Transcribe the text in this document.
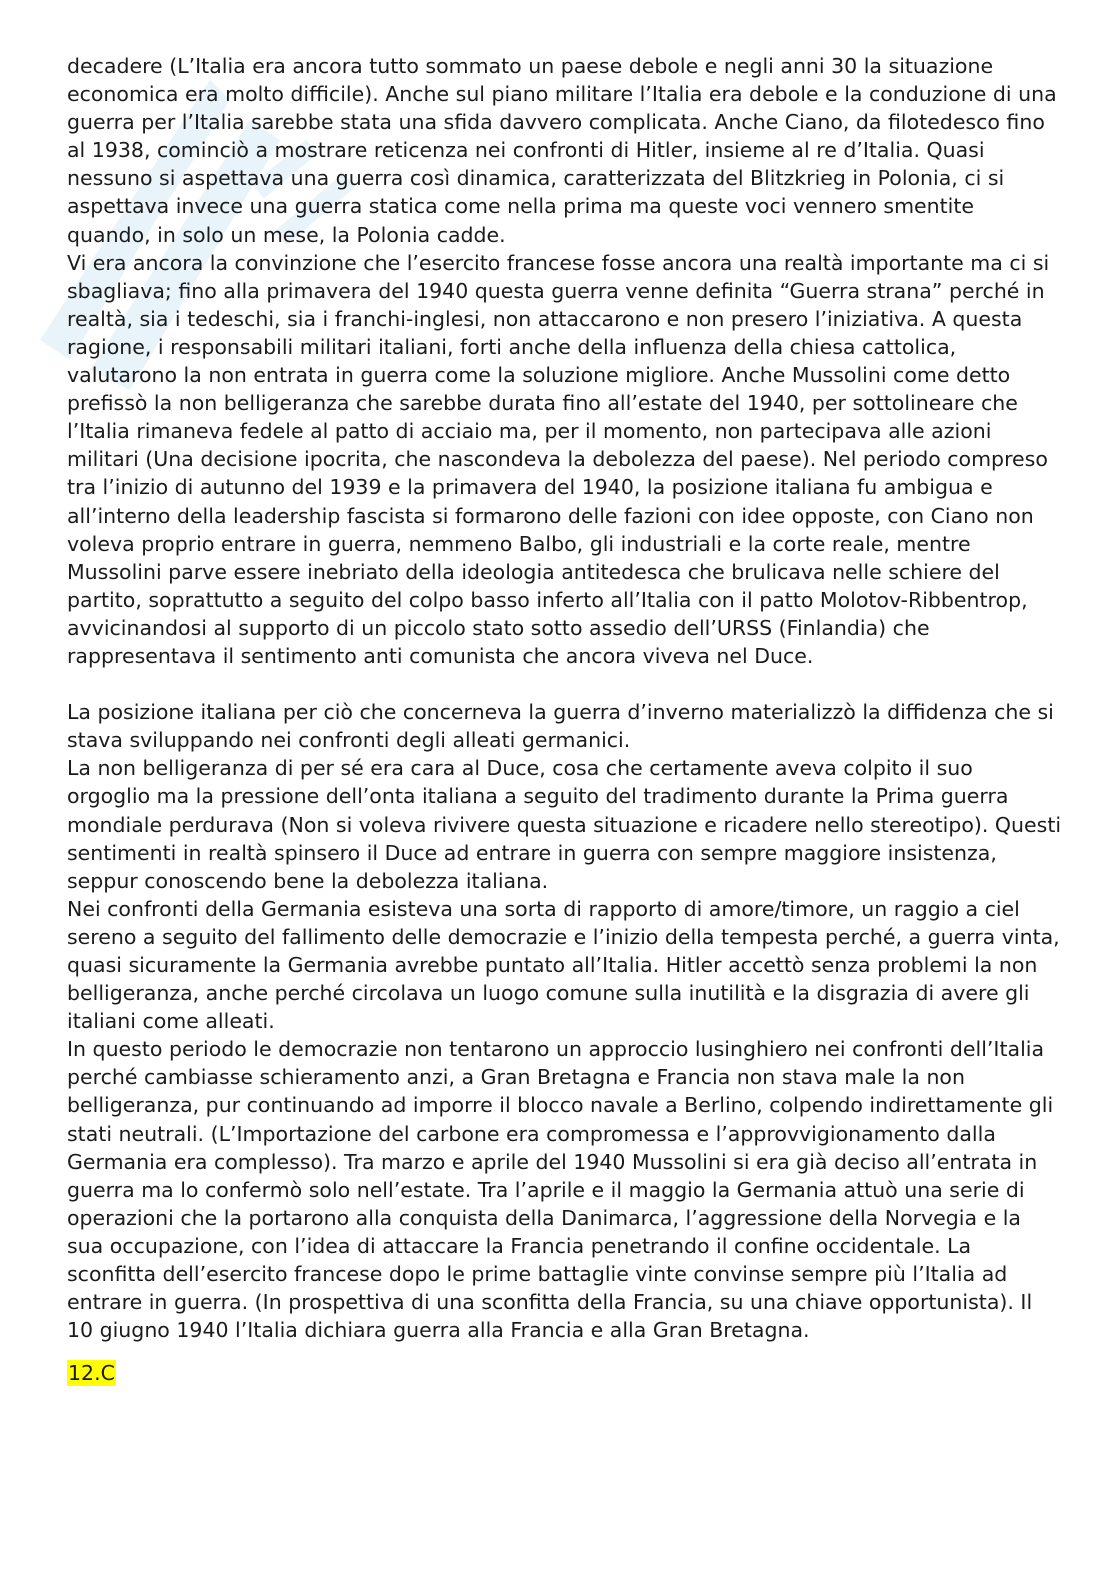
decadere (L’Italia era ancora tutto sommato un paese debole e negli anni 30 la situazione economica era molto difficile). Anche sul piano militare l’Italia era debole e la conduzione di una guerra per l’Italia sarebbe stata una sfida davvero complicata. Anche Ciano, da filotedesco fino al 1938, cominciò a mostrare reticenza nei confronti di Hitler, insieme al re d’Italia. Quasi nessuno si aspettava una guerra così dinamica, caratterizzata del Blitzkrieg in Polonia, ci si aspettava invece una guerra statica come nella prima ma queste voci vennero smentite quando, in solo un mese, la Polonia cadde.

Vi era ancora la convinzione che l’esercito francese fosse ancora una realtà importante ma ci si sbagliava; fino alla primavera del 1940 questa guerra venne definita “Guerra strana” perché in realtà, sia i tedeschi, sia i franchi-inglesi, non attaccarono e non presero l’iniziativa. A questa ragione, i responsabili militari italiani, forti anche della influenza della chiesa cattolica, valutarono la non entrata in guerra come la soluzione migliore. Anche Mussolini come detto prefissò la non belligeranza che sarebbe durata fino all’estate del 1940, per sottolineare che l’Italia rimaneva fedele al patto di acciaio ma, per il momento, non partecipava alle azioni militari (Una decisione ipocrita, che nascondeva la debolezza del paese). Nel periodo compreso tra l’inizio di autunno del 1939 e la primavera del 1940, la posizione italiana fu ambigua e all’interno della leadership fascista si formarono delle fazioni con idee opposte, con Ciano non voleva proprio entrare in guerra, nemmeno Balbo, gli industriali e la corte reale, mentre Mussolini parve essere inebriato della ideologia antitedesca che brulicava nelle schiere del partito, soprattutto a seguito del colpo basso inferto all’Italia con il patto Molotov-Ribbentrop, avvicinandosi al supporto di un piccolo stato sotto assedio dell’URSS (Finlandia) che rappresentava il sentimento anti comunista che ancora viveva nel Duce.

La posizione italiana per ciò che concerneva la guerra d’inverno materializzò la diffidenza che si stava sviluppando nei confronti degli alleati germanici.

La non belligeranza di per sé era cara al Duce, cosa che certamente aveva colpito il suo orgoglio ma la pressione dell’onta italiana a seguito del tradimento durante la Prima guerra mondiale perdurava (Non si voleva rivivere questa situazione e ricadere nello stereotipo). Questi sentimenti in realtà spinsero il Duce ad entrare in guerra con sempre maggiore insistenza, seppur conoscendo bene la debolezza italiana.

Nei confronti della Germania esisteva una sorta di rapporto di amore/timore, un raggio a ciel sereno a seguito del fallimento delle democrazie e l’inizio della tempesta perché, a guerra vinta, quasi sicuramente la Germania avrebbe puntato all’Italia. Hitler accettò senza problemi la non belligeranza, anche perché circolava un luogo comune sulla inutilità e la disgrazia di avere gli italiani come alleati.

In questo periodo le democrazie non tentarono un approccio lusinghiero nei confronti dell’Italia perché cambiasse schieramento anzi, a Gran Bretagna e Francia non stava male la non belligeranza, pur continuando ad imporre il blocco navale a Berlino, colpendo indirettamente gli stati neutrali. (L’Importazione del carbone era compromessa e l’approvvigionamento dalla Germania era complesso). Tra marzo e aprile del 1940 Mussolini si era già deciso all’entrata in guerra ma lo confermò solo nell’estate. Tra l’aprile e il maggio la Germania attuò una serie di operazioni che la portarono alla conquista della Danimarca, l’aggressione della Norvegia e la sua occupazione, con l’idea di attaccare la Francia penetrando il confine occidentale. La sconfitta dell’esercito francese dopo le prime battaglie vinte convinse sempre più l’Italia ad entrare in guerra. (In prospettiva di una sconfitta della Francia, su una chiave opportunista). Il 10 giugno 1940 l’Italia dichiara guerra alla Francia e alla Gran Bretagna.

12.C
